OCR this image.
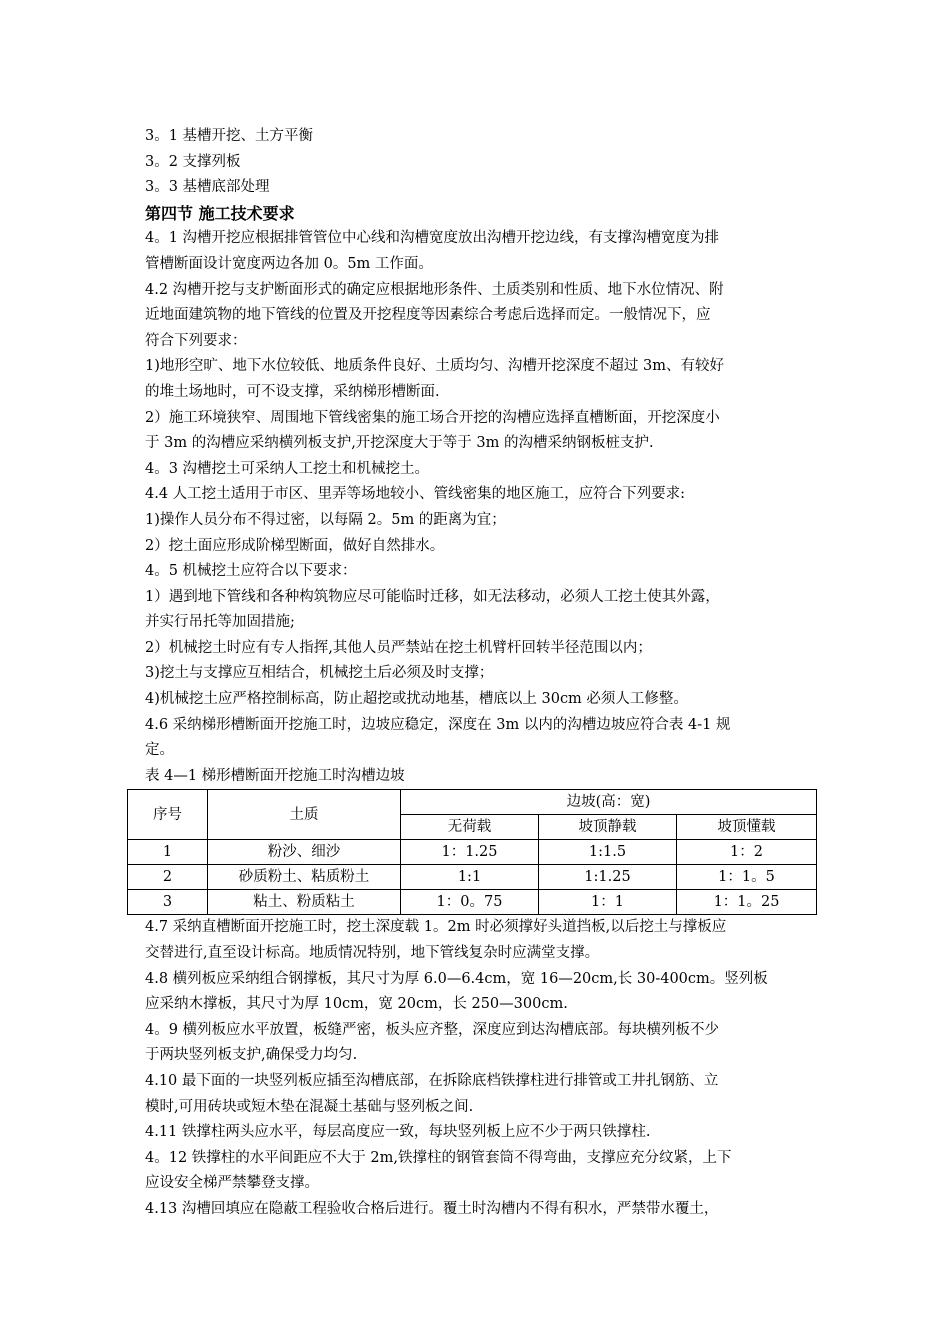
3。1 基槽开挖、土方平衡
3。2 支撑列板
3。3 基槽底部处理
第四节 施工技术要求
4。1 沟槽开挖应根据排管管位中心线和沟槽宽度放出沟槽开挖边线，有支撑沟槽宽度为排
管槽断面设计宽度两边各加 0。5m 工作面。
4.2 沟槽开挖与支护断面形式的确定应根据地形条件、土质类别和性质、地下水位情况、附
近地面建筑物的地下管线的位置及开挖程度等因素综合考虑后选择而定。一般情况下，应
符合下列要求：
1)地形空旷、地下水位较低、地质条件良好、土质均匀、沟槽开挖深度不超过 3m、有较好
的堆土场地时，可不设支撑，采纳梯形槽断面.
2）施工环境狭窄、周围地下管线密集的施工场合开挖的沟槽应选择直槽断面，开挖深度小
于 3m 的沟槽应采纳横列板支护,开挖深度大于等于 3m 的沟槽采纳钢板桩支护.
4。3 沟槽挖土可采纳人工挖土和机械挖土。
4.4 人工挖土适用于市区、里弄等场地较小、管线密集的地区施工，应符合下列要求:
1)操作人员分布不得过密，以每隔 2。5m 的距离为宜；
2）挖土面应形成阶梯型断面，做好自然排水。
4。5 机械挖土应符合以下要求：
1）遇到地下管线和各种构筑物应尽可能临时迁移，如无法移动，必须人工挖土使其外露，
并实行吊托等加固措施;
2）机械挖土时应有专人指挥,其他人员严禁站在挖土机臂杆回转半径范围以内；
3)挖土与支撑应互相结合，机械挖土后必须及时支撑；
4)机械挖土应严格控制标高，防止超挖或扰动地基，槽底以上 30cm 必须人工修整。
4.6 采纳梯形槽断面开挖施工时，边坡应稳定，深度在 3m 以内的沟槽边坡应符合表 4-1 规
定。
表 4—1 梯形槽断面开挖施工时沟槽边坡
序号	土质	边坡(高：宽)		
		无荷载	坡顶静载	坡顶懂载
1	粉沙、细沙	1：1.25	1:1.5	1：2
2	砂质粉土、粘质粉土	1:1	1:1.25	1：1。5
3	粘土、粉质粘土	1：0。75	1：1	1：1。25
4.7 采纳直槽断面开挖施工时，挖土深度载 1。2m 时必须撑好头道挡板,以后挖土与撑板应
交替进行,直至设计标高。地质情况特别，地下管线复杂时应满堂支撑。
4.8 横列板应采纳组合钢撑板，其尺寸为厚 6.0—6.4cm，宽 16—20cm,长 30-400cm。竖列板
应采纳木撑板，其尺寸为厚 10cm，宽 20cm，长 250—300cm.
4。9 横列板应水平放置，板缝严密，板头应齐整，深度应到达沟槽底部。每块横列板不少
于两块竖列板支护,确保受力均匀.
4.10 最下面的一块竖列板应插至沟槽底部，在拆除底档铁撑柱进行排管或工井扎钢筋、立
模时,可用砖块或短木垫在混凝土基础与竖列板之间.
4.11 铁撑柱两头应水平，每层高度应一致，每块竖列板上应不少于两只铁撑柱.
4。12 铁撑柱的水平间距应不大于 2m,铁撑柱的钢管套筒不得弯曲，支撑应充分纹紧，上下
应设安全梯严禁攀登支撑。
4.13 沟槽回填应在隐蔽工程验收合格后进行。覆土时沟槽内不得有积水，严禁带水覆土，
